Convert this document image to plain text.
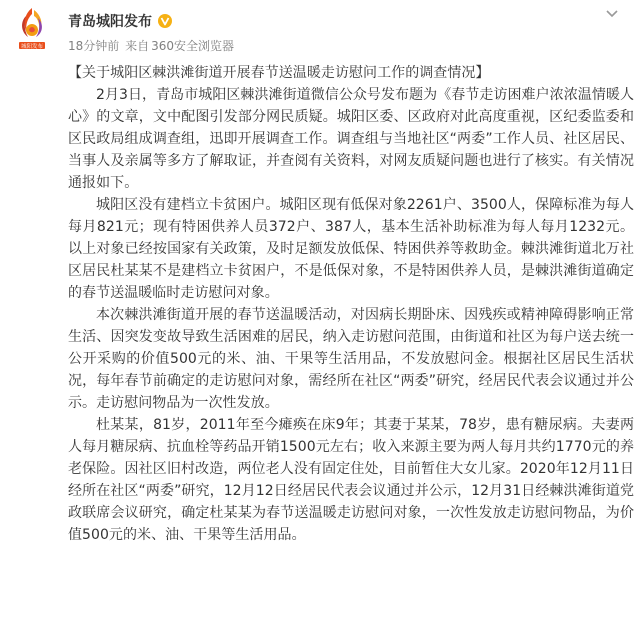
城阳发布
青岛城阳发布
18分钟前 来自 360安全浏览器

【关于城阳区棘洪滩街道开展春节送温暖走访慰问工作的调查情况】

2月3日，青岛市城阳区棘洪滩街道微信公众号发布题为《春节走访困难户浓浓温情暖人心》的文章，文中配图引发部分网民质疑。城阳区委、区政府对此高度重视，区纪委监委和区民政局组成调查组，迅即开展调查工作。调查组与当地社区“两委”工作人员、社区居民、当事人及亲属等多方了解取证，并查阅有关资料，对网友质疑问题也进行了核实。有关情况通报如下。

城阳区没有建档立卡贫困户。城阳区现有低保对象2261户、3500人，保障标准为每人每月821元；现有特困供养人员372户、387人，基本生活补助标准为每人每月1232元。以上对象已经按国家有关政策，及时足额发放低保、特困供养等救助金。棘洪滩街道北万社区居民杜某某不是建档立卡贫困户，不是低保对象，不是特困供养人员，是棘洪滩街道确定的春节送温暖临时走访慰问对象。

本次棘洪滩街道开展的春节送温暖活动，对因病长期卧床、因残疾或精神障碍影响正常生活、因突发变故导致生活困难的居民，纳入走访慰问范围，由街道和社区为每户送去统一公开采购的价值500元的米、油、干果等生活用品，不发放慰问金。根据社区居民生活状况，每年春节前确定的走访慰问对象，需经所在社区“两委”研究，经居民代表会议通过并公示。走访慰问物品为一次性发放。

杜某某，81岁，2011年至今瘫痪在床9年；其妻于某某，78岁，患有糖尿病。夫妻两人每月糖尿病、抗血栓等药品开销1500元左右；收入来源主要为两人每月共约1770元的养老保险。因社区旧村改造，两位老人没有固定住处，目前暂住大女儿家。2020年12月11日经所在社区“两委”研究，12月12日经居民代表会议通过并公示，12月31日经棘洪滩街道党政联席会议研究，确定杜某某为春节送温暖走访慰问对象，一次性发放走访慰问物品，为价值500元的米、油、干果等生活用品。
